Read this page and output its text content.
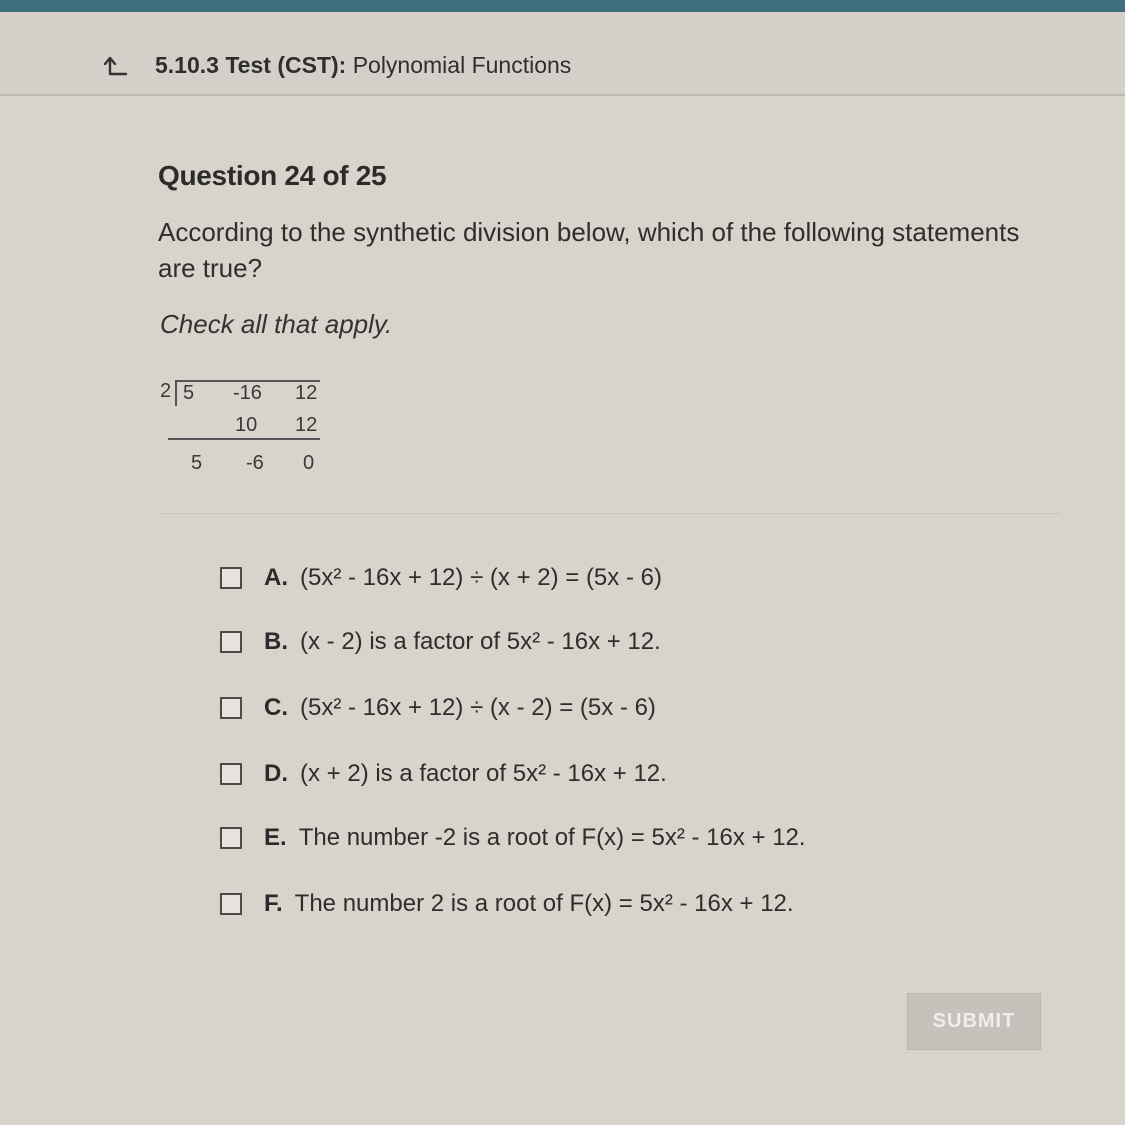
5.10.3 Test (CST): Polynomial Functions
Question 24 of 25
According to the synthetic division below, which of the following statements are true?
Check all that apply.
2 5 -16 12
10 12
5 -6 0
A. (5x² - 16x + 12) ÷ (x + 2) = (5x - 6)
B. (x - 2) is a factor of 5x² - 16x + 12.
C. (5x² - 16x + 12) ÷ (x - 2) = (5x - 6)
D. (x + 2) is a factor of 5x² - 16x + 12.
E. The number -2 is a root of F(x) = 5x² - 16x + 12.
F. The number 2 is a root of F(x) = 5x² - 16x + 12.
SUBMIT
